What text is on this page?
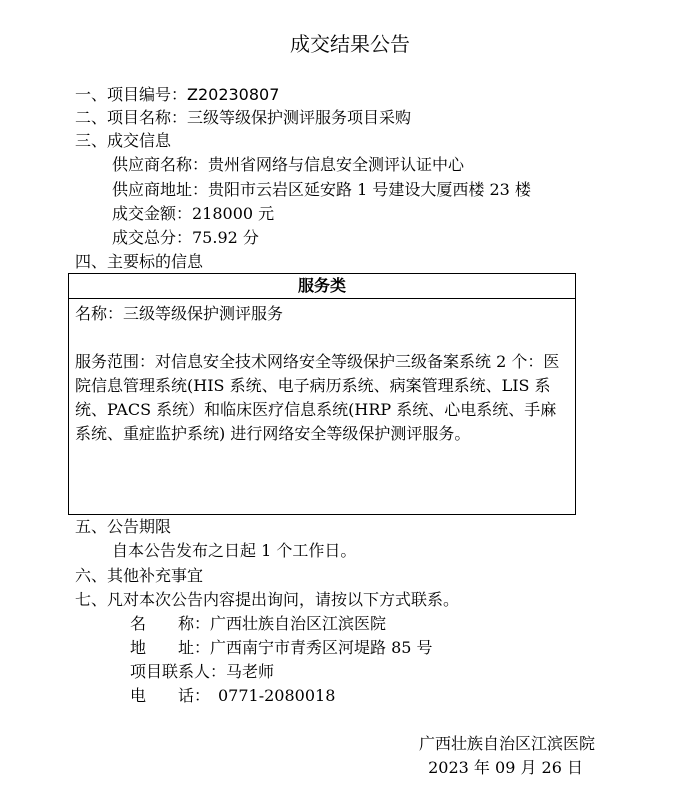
成交结果公告
一、项目编号：Z20230807
二、项目名称：三级等级保护测评服务项目采购
三、成交信息
供应商名称：贵州省网络与信息安全测评认证中心
供应商地址：贵阳市云岩区延安路 1 号建设大厦西楼 23 楼
成交金额：218000 元
成交总分：75.92 分
四、主要标的信息
服务类

名称：三级等级保护测评服务

服务范围：对信息安全技术网络安全等级保护三级备案系统 2 个：医院信息管理系统(HIS 系统、电子病历系统、病案管理系统、LIS 系统、PACS 系统）和临床医疗信息系统(HRP 系统、心电系统、手麻系统、重症监护系统) 进行网络安全等级保护测评服务。

五、公告期限
自本公告发布之日起 1 个工作日。
六、其他补充事宜
七、凡对本次公告内容提出询问，请按以下方式联系。
名　　称：广西壮族自治区江滨医院
地　　址：广西南宁市青秀区河堤路 85 号
项目联系人：马老师
电　　话：　0771-2080018
广西壮族自治区江滨医院
2023 年 09 月 26 日
